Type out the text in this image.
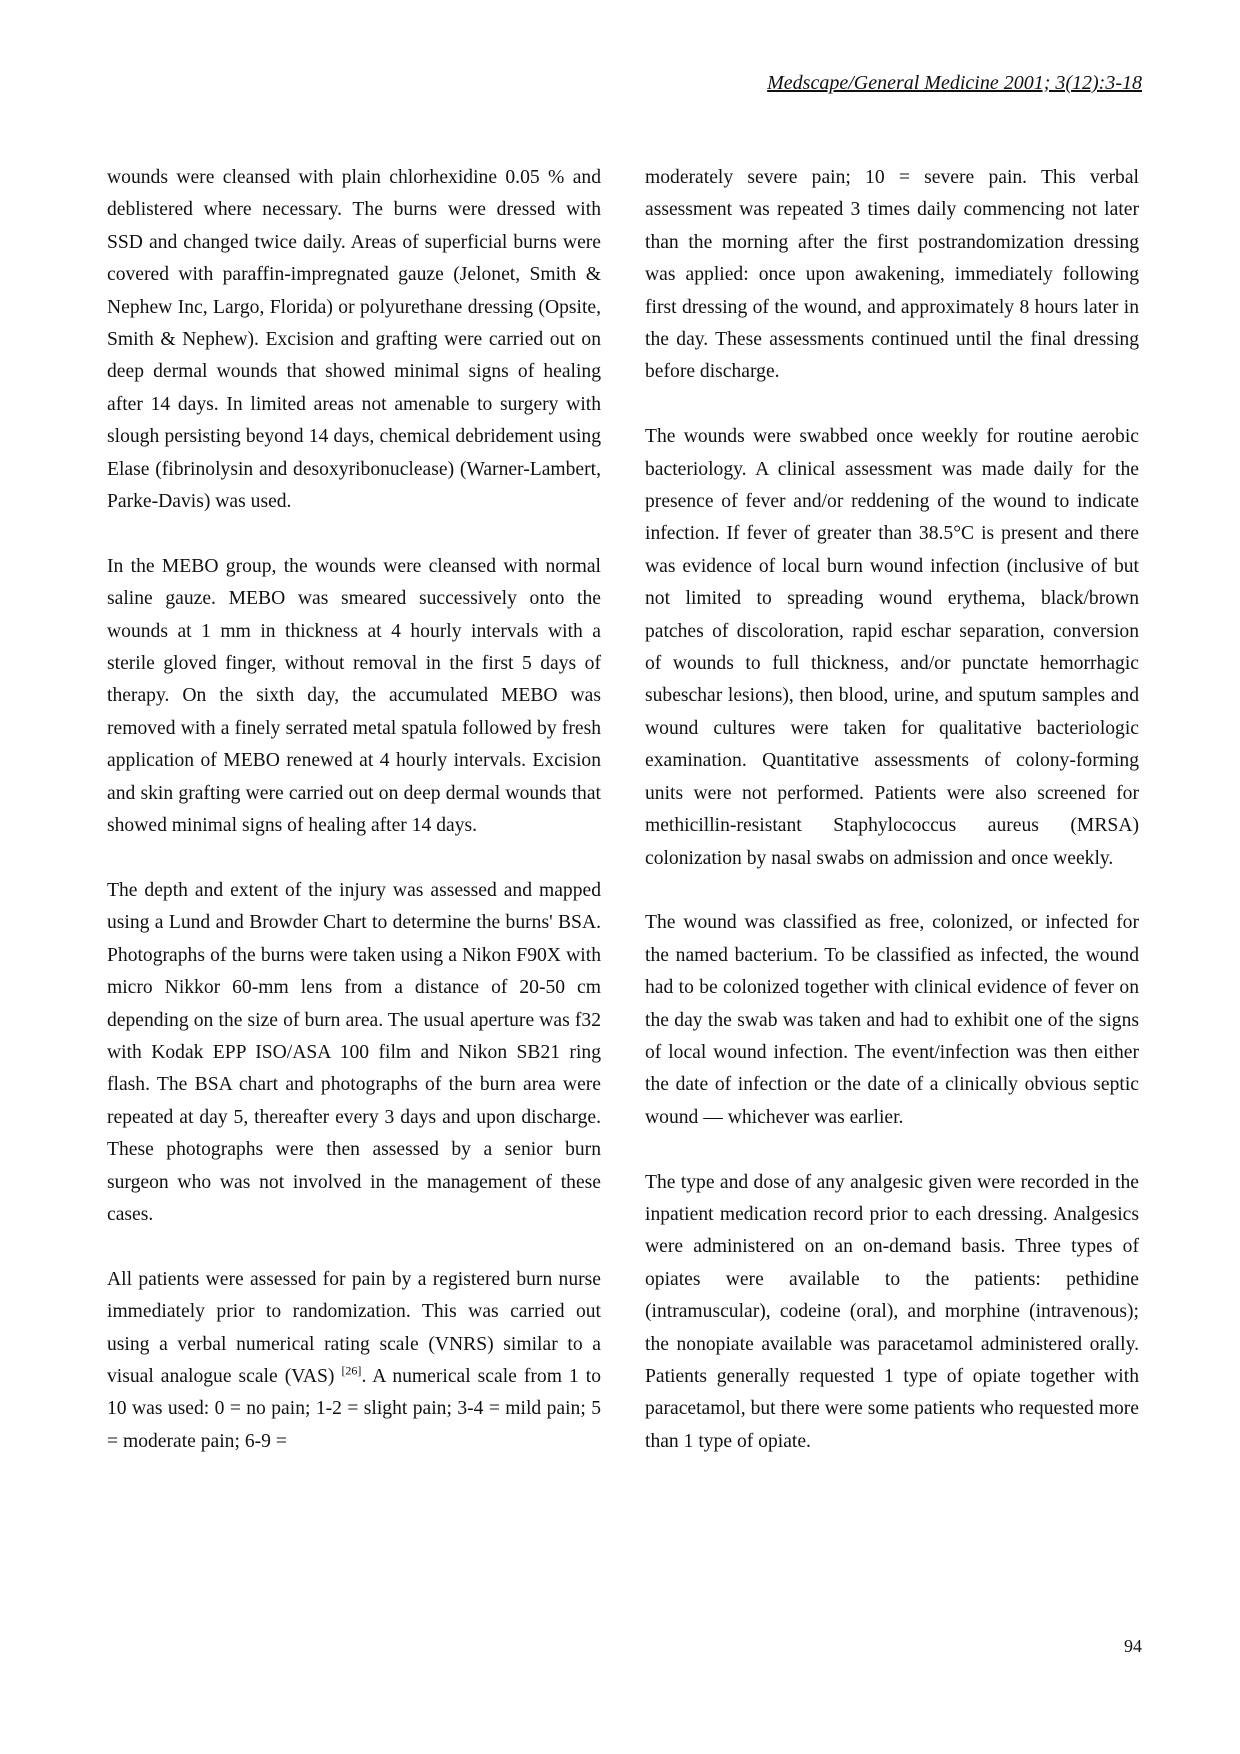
Medscape/General Medicine 2001; 3(12):3-18

wounds were cleansed with plain chlorhexidine 0.05 % and deblistered where necessary. The burns were dressed with SSD and changed twice daily. Areas of superficial burns were covered with paraffin-impregnated gauze (Jelonet, Smith & Nephew Inc, Largo, Florida) or polyurethane dressing (Opsite, Smith & Nephew). Excision and grafting were carried out on deep dermal wounds that showed minimal signs of healing after 14 days. In limited areas not amenable to surgery with slough persisting beyond 14 days, chemical debridement using Elase (fibrinolysin and desoxyribonuclease) (Warner-Lambert, Parke-Davis) was used.

In the MEBO group, the wounds were cleansed with normal saline gauze. MEBO was smeared successively onto the wounds at 1 mm in thickness at 4 hourly intervals with a sterile gloved finger, without removal in the first 5 days of therapy. On the sixth day, the accumulated MEBO was removed with a finely serrated metal spatula followed by fresh application of MEBO renewed at 4 hourly intervals. Excision and skin grafting were carried out on deep dermal wounds that showed minimal signs of healing after 14 days.

The depth and extent of the injury was assessed and mapped using a Lund and Browder Chart to determine the burns' BSA. Photographs of the burns were taken using a Nikon F90X with micro Nikkor 60-mm lens from a distance of 20-50 cm depending on the size of burn area. The usual aperture was f32 with Kodak EPP ISO/ASA 100 film and Nikon SB21 ring flash. The BSA chart and photographs of the burn area were repeated at day 5, thereafter every 3 days and upon discharge. These photographs were then assessed by a senior burn surgeon who was not involved in the management of these cases.

All patients were assessed for pain by a registered burn nurse immediately prior to randomization. This was carried out using a verbal numerical rating scale (VNRS) similar to a visual analogue scale (VAS) [26]. A numerical scale from 1 to 10 was used: 0 = no pain; 1-2 = slight pain; 3-4 = mild pain; 5 = moderate pain; 6-9 =

moderately severe pain; 10 = severe pain. This verbal assessment was repeated 3 times daily commencing not later than the morning after the first postrandomization dressing was applied: once upon awakening, immediately following first dressing of the wound, and approximately 8 hours later in the day. These assessments continued until the final dressing before discharge.

The wounds were swabbed once weekly for routine aerobic bacteriology. A clinical assessment was made daily for the presence of fever and/or reddening of the wound to indicate infection. If fever of greater than 38.5°C is present and there was evidence of local burn wound infection (inclusive of but not limited to spreading wound erythema, black/brown patches of discoloration, rapid eschar separation, conversion of wounds to full thickness, and/or punctate hemorrhagic subeschar lesions), then blood, urine, and sputum samples and wound cultures were taken for qualitative bacteriologic examination. Quantitative assessments of colony-forming units were not performed. Patients were also screened for methicillin-resistant Staphylococcus aureus (MRSA) colonization by nasal swabs on admission and once weekly.

The wound was classified as free, colonized, or infected for the named bacterium. To be classified as infected, the wound had to be colonized together with clinical evidence of fever on the day the swab was taken and had to exhibit one of the signs of local wound infection. The event/infection was then either the date of infection or the date of a clinically obvious septic wound — whichever was earlier.

The type and dose of any analgesic given were recorded in the inpatient medication record prior to each dressing. Analgesics were administered on an on-demand basis. Three types of opiates were available to the patients: pethidine (intramuscular), codeine (oral), and morphine (intravenous); the nonopiate available was paracetamol administered orally. Patients generally requested 1 type of opiate together with paracetamol, but there were some patients who requested more than 1 type of opiate.

94
